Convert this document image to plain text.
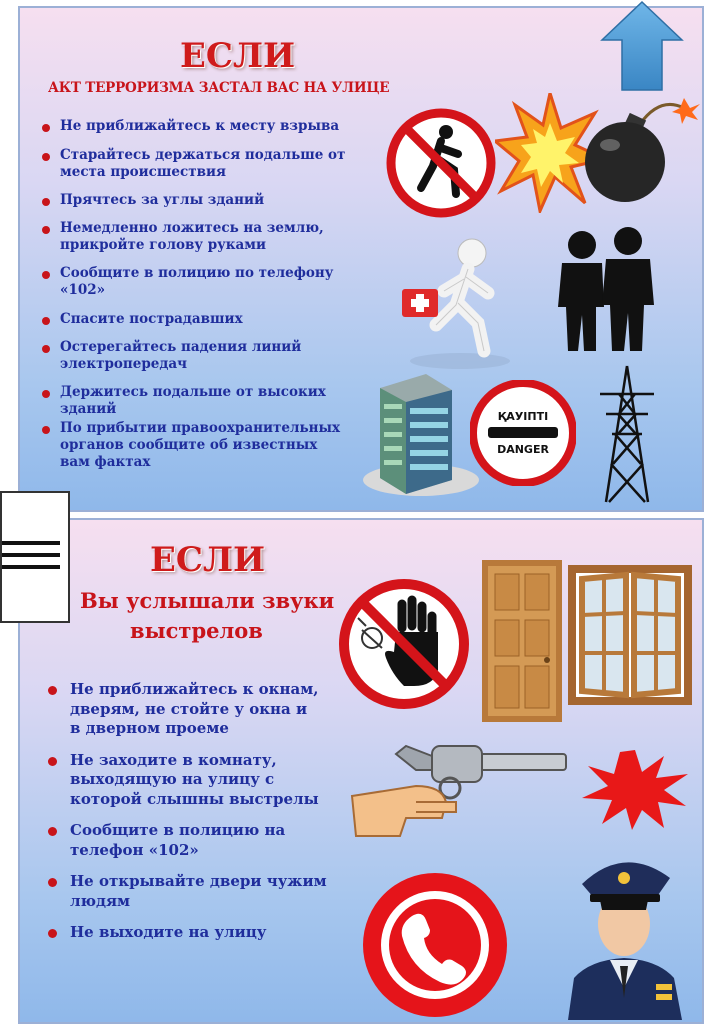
ЕСЛИ
АКТ ТЕРРОРИЗМА ЗАСТАЛ ВАС НА УЛИЦЕ
Не приближайтесь к месту взрыва
Старайтесь держаться подальше от места происшествия
Прячтесь за углы зданий
Немедленно ложитесь на землю, прикройте голову руками
Сообщите в полицию по телефону «102»
Спасите пострадавших
Остерегайтесь падения линий электропередач
Держитесь подальше от высоких зданий
По прибытии правоохранительных органов сообщите об известных вам фактах
ҚАУІПТІ
DANGER
ЕСЛИ
Вы услышали звуки
выстрелов
Не приближайтесь к окнам, дверям, не стойте у окна и в дверном проеме
Не заходите в комнату, выходящую на улицу с которой слышны выстрелы
Сообщите в полицию на телефон «102»
Не открывайте двери чужим людям
Не выходите на улицу
